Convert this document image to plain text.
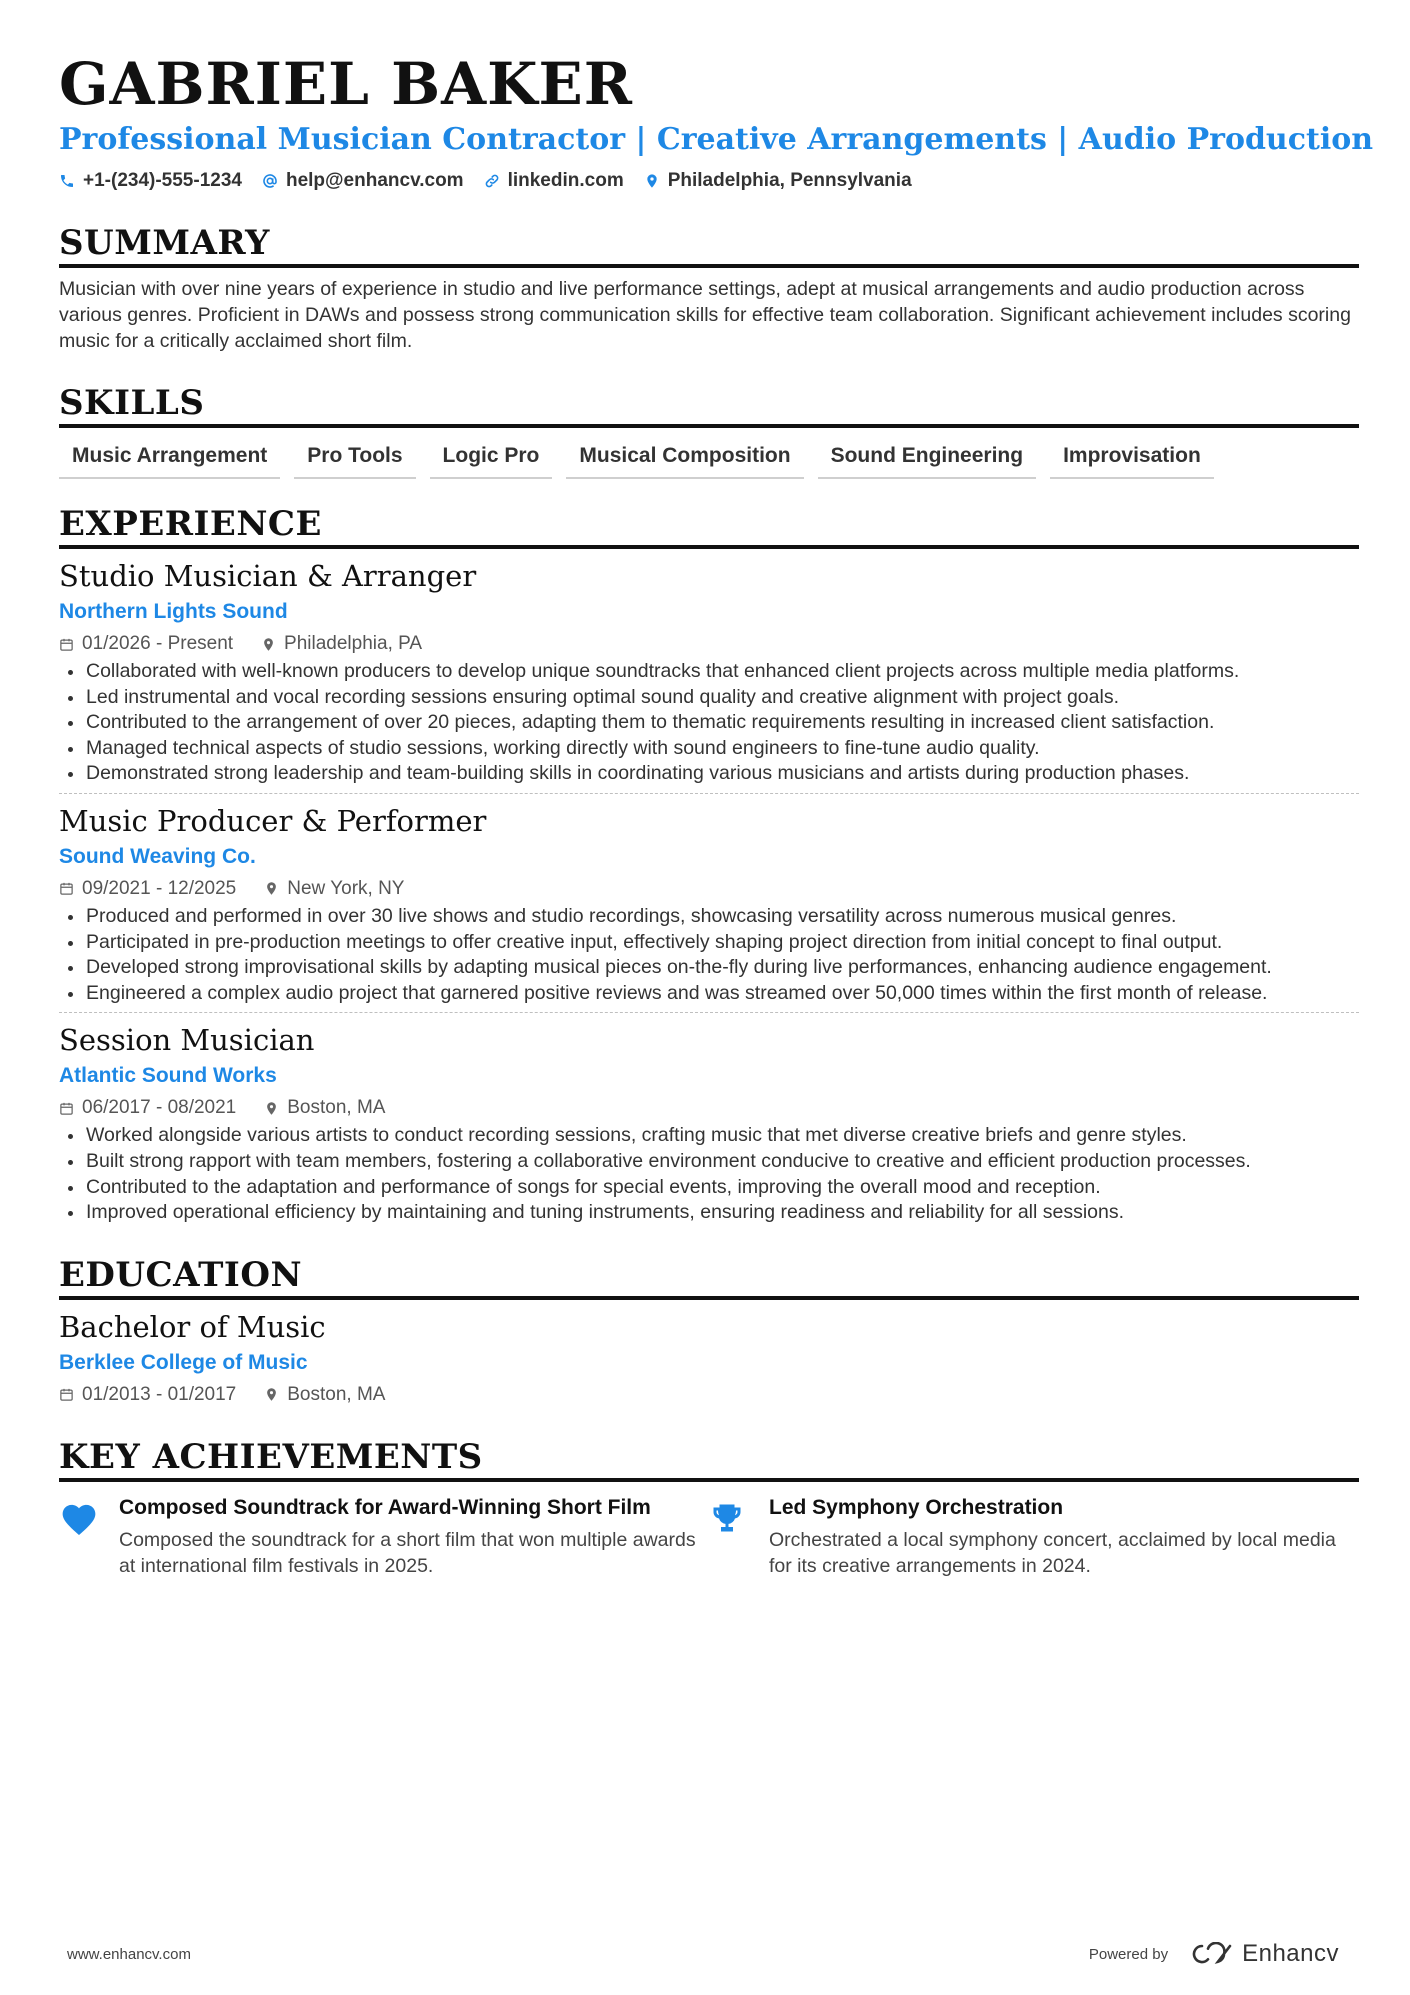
GABRIEL BAKER
Professional Musician Contractor | Creative Arrangements | Audio Production
+1-(234)-555-1234 help@enhancv.com linkedin.com Philadelphia, Pennsylvania
SUMMARY

Musician with over nine years of experience in studio and live performance settings, adept at musical arrangements and audio production across various genres. Proficient in DAWs and possess strong communication skills for effective team collaboration. Significant achievement includes scoring music for a critically acclaimed short film.

SKILLS
Music Arrangement	Pro Tools	Logic Pro	Musical Composition	Sound Engineering	Improvisation
EXPERIENCE
Studio Musician & Arranger
Northern Lights Sound
01/2026 - Present	Philadelphia, PA
Collaborated with well-known producers to develop unique soundtracks that enhanced client projects across multiple media platforms.
Led instrumental and vocal recording sessions ensuring optimal sound quality and creative alignment with project goals.
Contributed to the arrangement of over 20 pieces, adapting them to thematic requirements resulting in increased client satisfaction.
Managed technical aspects of studio sessions, working directly with sound engineers to fine-tune audio quality.
Demonstrated strong leadership and team-building skills in coordinating various musicians and artists during production phases.
Music Producer & Performer
Sound Weaving Co.
09/2021 - 12/2025	New York, NY
Produced and performed in over 30 live shows and studio recordings, showcasing versatility across numerous musical genres.
Participated in pre-production meetings to offer creative input, effectively shaping project direction from initial concept to final output.
Developed strong improvisational skills by adapting musical pieces on-the-fly during live performances, enhancing audience engagement.
Engineered a complex audio project that garnered positive reviews and was streamed over 50,000 times within the first month of release.
Session Musician
Atlantic Sound Works
06/2017 - 08/2021	Boston, MA
Worked alongside various artists to conduct recording sessions, crafting music that met diverse creative briefs and genre styles.
Built strong rapport with team members, fostering a collaborative environment conducive to creative and efficient production processes.
Contributed to the adaptation and performance of songs for special events, improving the overall mood and reception.
Improved operational efficiency by maintaining and tuning instruments, ensuring readiness and reliability for all sessions.
EDUCATION
Bachelor of Music
Berklee College of Music
01/2013 - 01/2017	Boston, MA
KEY ACHIEVEMENTS
Composed Soundtrack for Award-Winning Short Film
Composed the soundtrack for a short film that won multiple awards at international film festivals in 2025.
Led Symphony Orchestration
Orchestrated a local symphony concert, acclaimed by local media for its creative arrangements in 2024.
www.enhancv.com	Powered by	Enhancv
